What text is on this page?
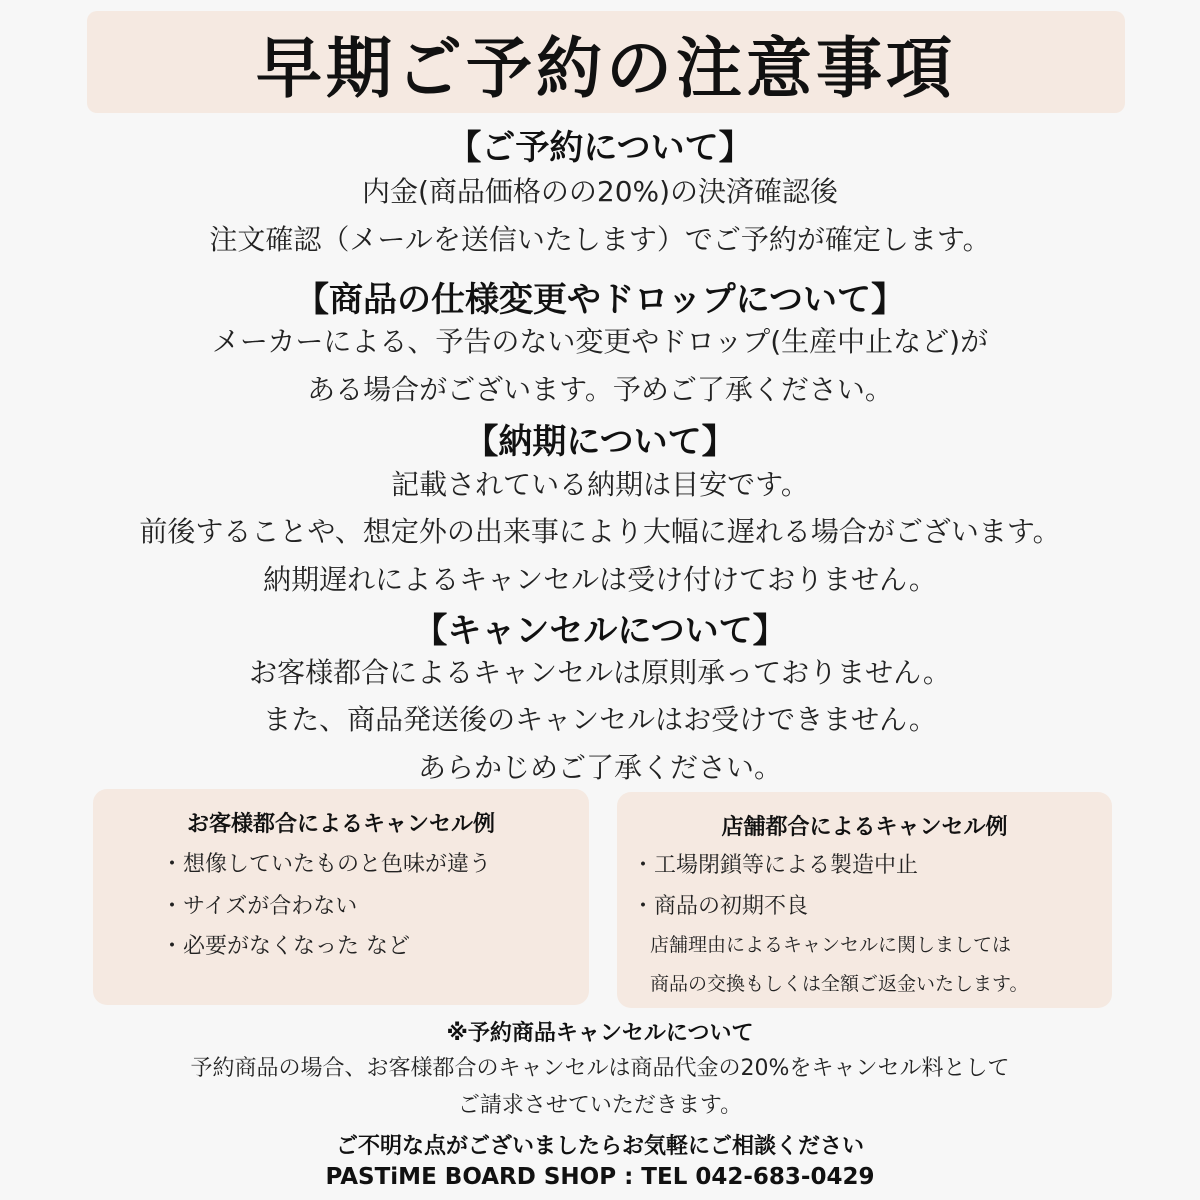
早期ご予約の注意事項
【ご予約について】
内金(商品価格のの20%)の決済確認後
注文確認（メールを送信いたします）でご予約が確定します。
【商品の仕様変更やドロップについて】
メーカーによる、予告のない変更やドロップ(生産中止など)が
ある場合がございます。予めご了承ください。
【納期について】
記載されている納期は目安です。
前後することや、想定外の出来事により大幅に遅れる場合がございます。
納期遅れによるキャンセルは受け付けておりません。
【キャンセルについて】
お客様都合によるキャンセルは原則承っておりません。
また、商品発送後のキャンセルはお受けできません。
あらかじめご了承ください。
お客様都合によるキャンセル例
・想像していたものと色味が違う
・サイズが合わない
・必要がなくなった など
店舗都合によるキャンセル例
・工場閉鎖等による製造中止
・商品の初期不良
店舗理由によるキャンセルに関しましては
商品の交換もしくは全額ご返金いたします。
※予約商品キャンセルについて
予約商品の場合、お客様都合のキャンセルは商品代金の20%をキャンセル料として
ご請求させていただきます。
ご不明な点がございましたらお気軽にご相談ください
PASTiME BOARD SHOP : TEL 042-683-0429
